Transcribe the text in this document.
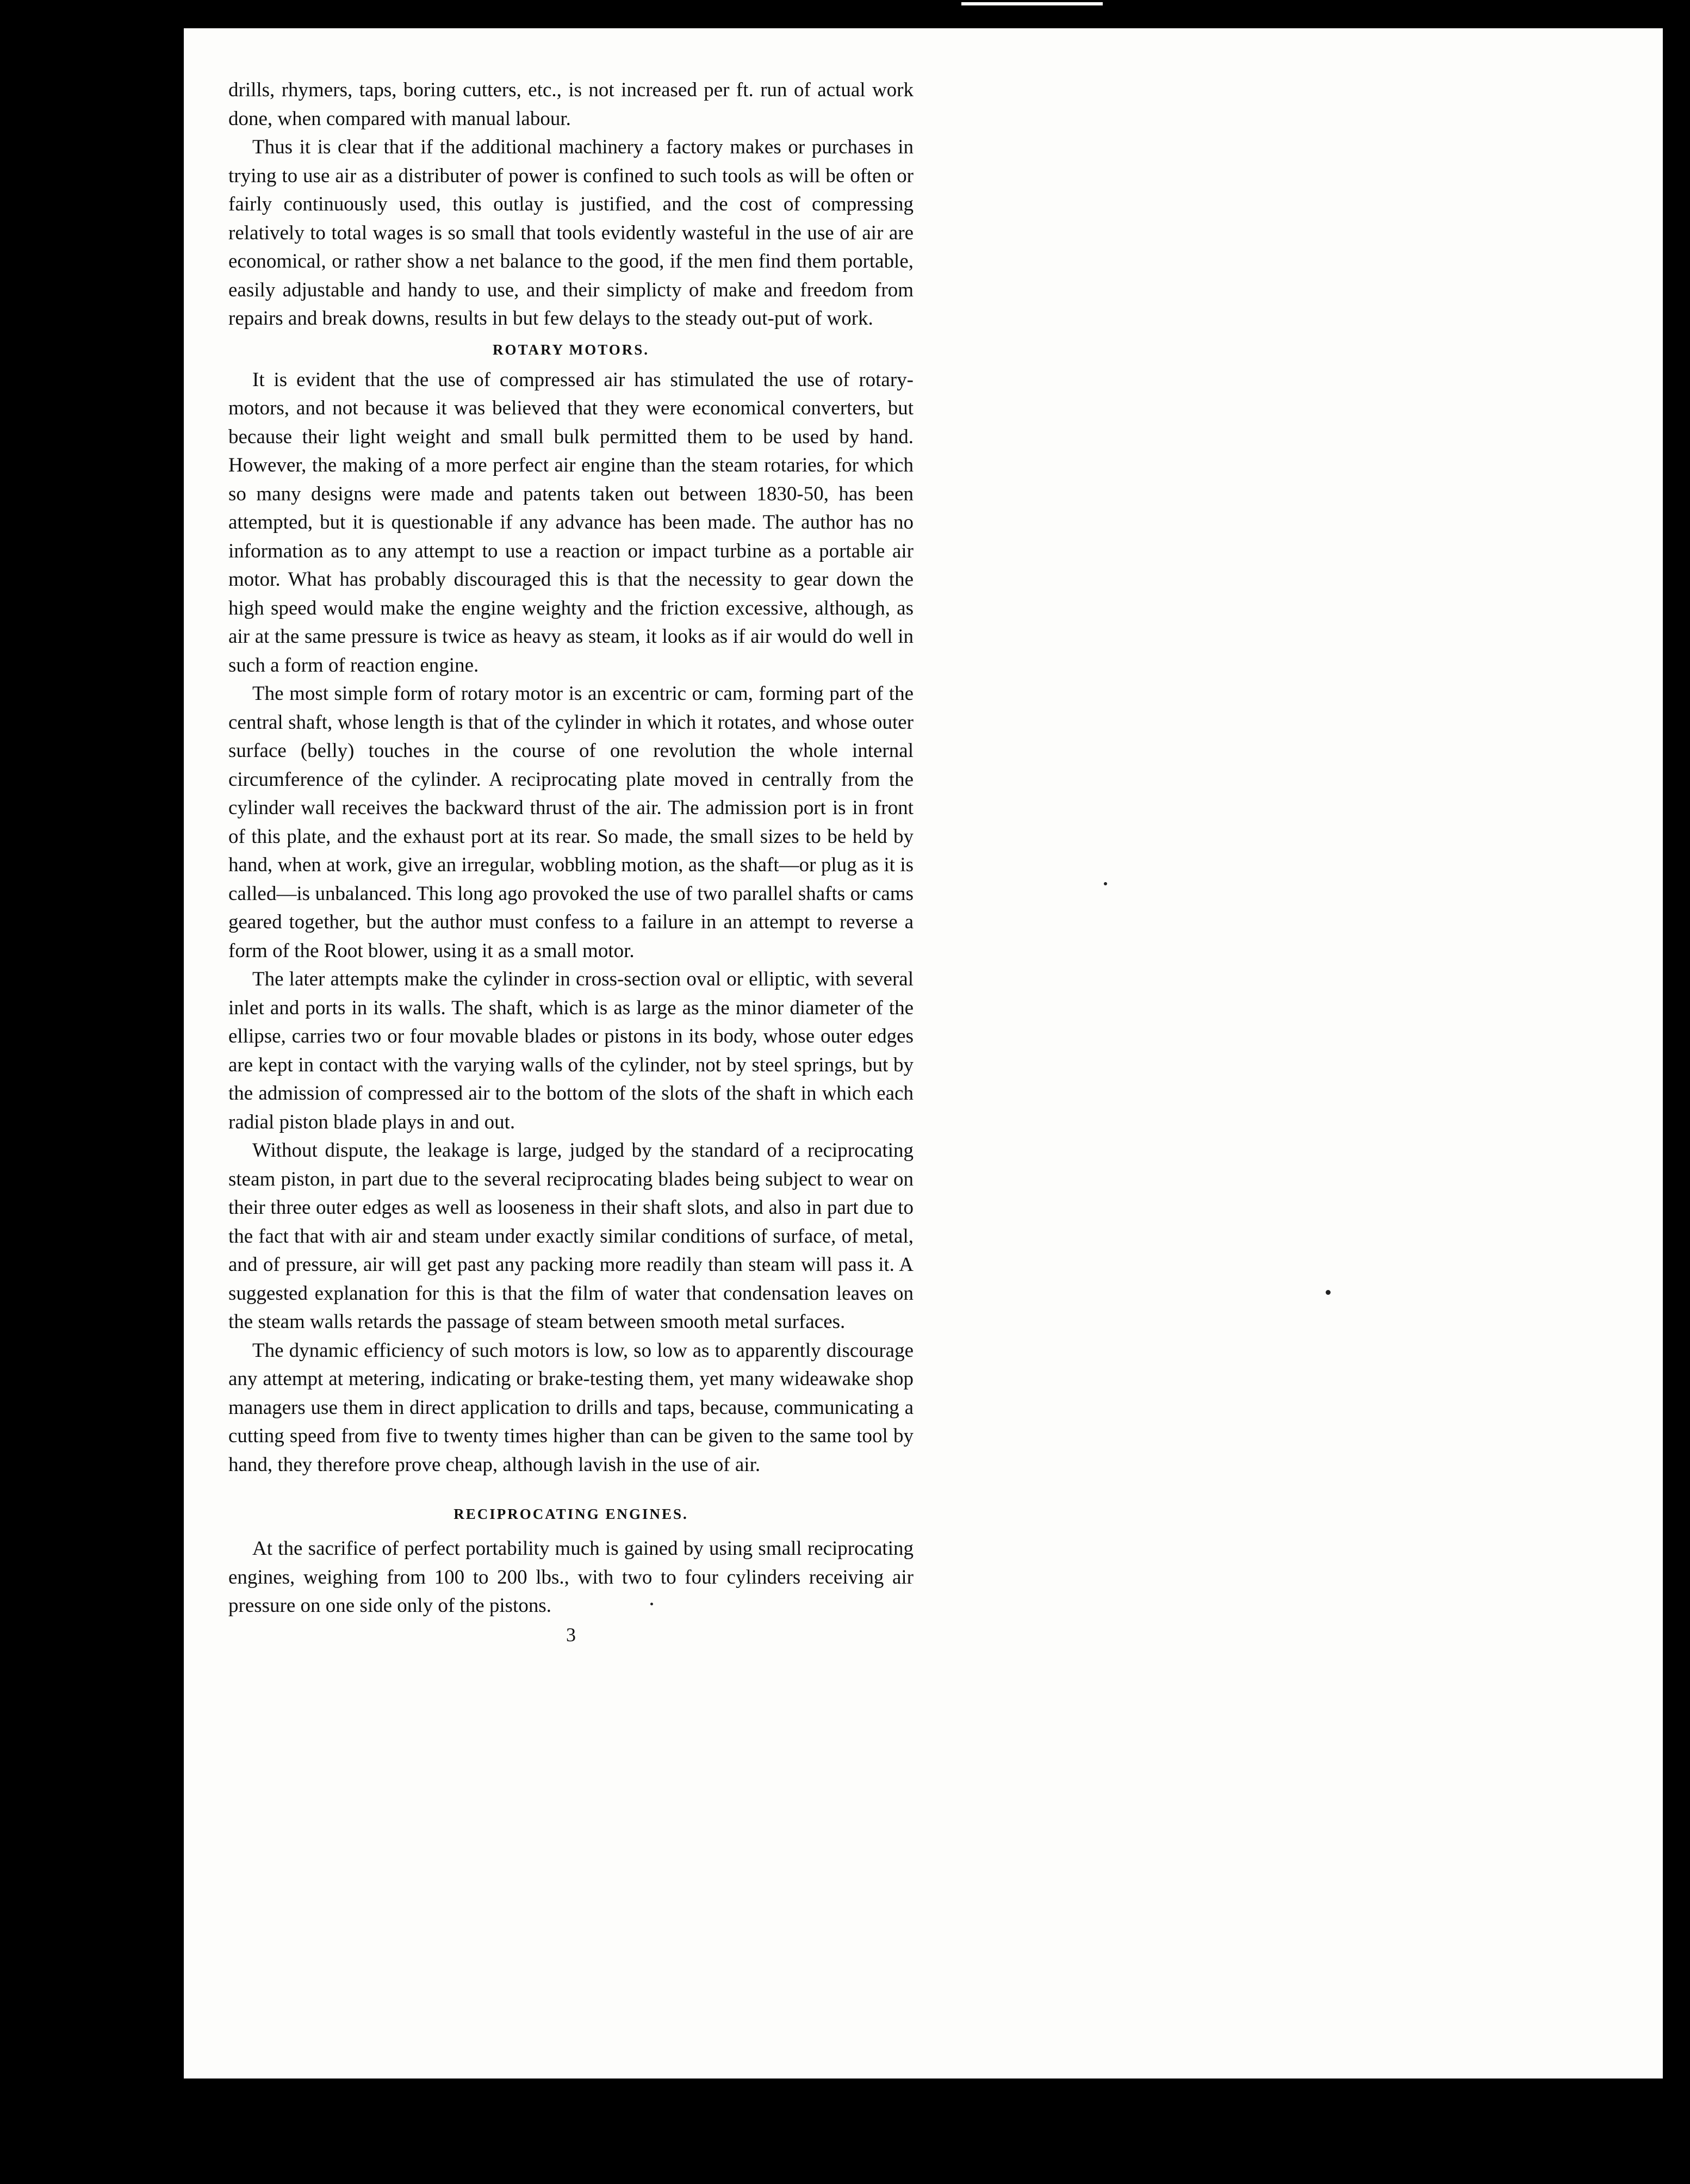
drills, rhymers, taps, boring cutters, etc., is not increased per ft. run of actual work done, when compared with manual labour.

Thus it is clear that if the additional machinery a factory makes or purchases in trying to use air as a distributer of power is confined to such tools as will be often or fairly continuously used, this outlay is justified, and the cost of compressing relatively to total wages is so small that tools evidently wasteful in the use of air are economical, or rather show a net balance to the good, if the men find them portable, easily adjustable and handy to use, and their simplicty of make and freedom from repairs and break downs, results in but few delays to the steady out-put of work.

ROTARY MOTORS.

It is evident that the use of compressed air has stimulated the use of rotary-motors, and not because it was believed that they were economical converters, but because their light weight and small bulk permitted them to be used by hand. However, the making of a more perfect air engine than the steam rotaries, for which so many designs were made and patents taken out between 1830-50, has been attempted, but it is questionable if any advance has been made. The author has no information as to any attempt to use a reaction or impact turbine as a portable air motor. What has probably discouraged this is that the necessity to gear down the high speed would make the engine weighty and the friction excessive, although, as air at the same pressure is twice as heavy as steam, it looks as if air would do well in such a form of reaction engine.

The most simple form of rotary motor is an excentric or cam, forming part of the central shaft, whose length is that of the cylinder in which it rotates, and whose outer surface (belly) touches in the course of one revolution the whole internal circumference of the cylinder. A reciprocating plate moved in centrally from the cylinder wall receives the backward thrust of the air. The admission port is in front of this plate, and the exhaust port at its rear. So made, the small sizes to be held by hand, when at work, give an irregular, wobbling motion, as the shaft—or plug as it is called—is unbalanced. This long ago provoked the use of two parallel shafts or cams geared together, but the author must confess to a failure in an attempt to reverse a form of the Root blower, using it as a small motor.

The later attempts make the cylinder in cross-section oval or elliptic, with several inlet and ports in its walls. The shaft, which is as large as the minor diameter of the ellipse, carries two or four movable blades or pistons in its body, whose outer edges are kept in contact with the varying walls of the cylinder, not by steel springs, but by the admission of compressed air to the bottom of the slots of the shaft in which each radial piston blade plays in and out.

Without dispute, the leakage is large, judged by the standard of a reciprocating steam piston, in part due to the several reciprocating blades being subject to wear on their three outer edges as well as looseness in their shaft slots, and also in part due to the fact that with air and steam under exactly similar conditions of surface, of metal, and of pressure, air will get past any packing more readily than steam will pass it. A suggested explanation for this is that the film of water that condensation leaves on the steam walls retards the passage of steam between smooth metal surfaces.

The dynamic efficiency of such motors is low, so low as to apparently discourage any attempt at metering, indicating or brake-testing them, yet many wideawake shop managers use them in direct application to drills and taps, because, communicating a cutting speed from five to twenty times higher than can be given to the same tool by hand, they therefore prove cheap, although lavish in the use of air.

RECIPROCATING ENGINES.

At the sacrifice of perfect portability much is gained by using small reciprocating engines, weighing from 100 to 200 lbs., with two to four cylinders receiving air pressure on one side only of the pistons.

3
